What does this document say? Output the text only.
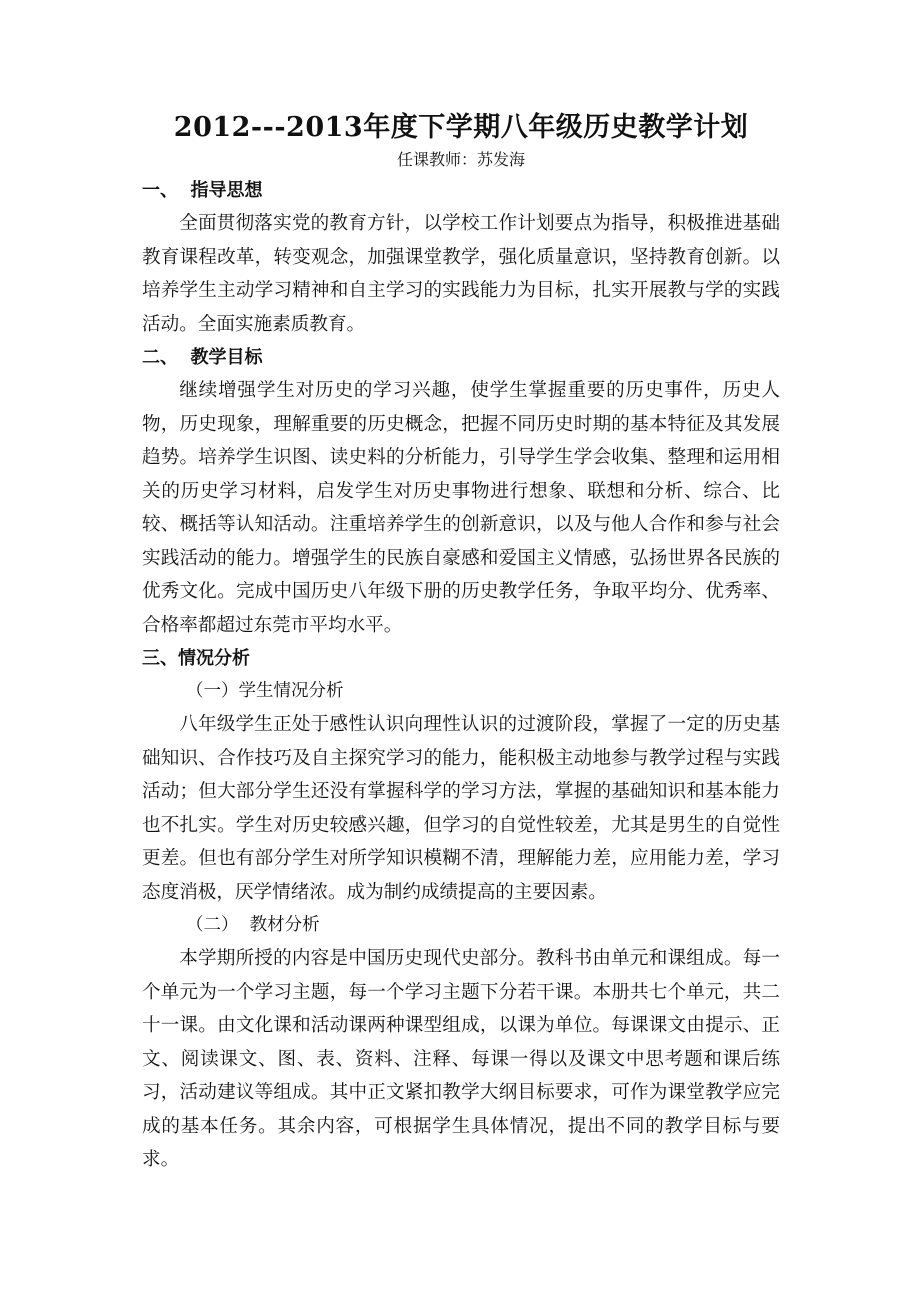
2012---2013年度下学期八年级历史教学计划
任课教师：苏发海
一、  指导思想

全面贯彻落实党的教育方针，以学校工作计划要点为指导，积极推进基础教育课程改革，转变观念，加强课堂教学，强化质量意识，坚持教育创新。以培养学生主动学习精神和自主学习的实践能力为目标，扎实开展教与学的实践活动。全面实施素质教育。

二、  教学目标

继续增强学生对历史的学习兴趣，使学生掌握重要的历史事件，历史人物，历史现象，理解重要的历史概念，把握不同历史时期的基本特征及其发展趋势。培养学生识图、读史料的分析能力，引导学生学会收集、整理和运用相关的历史学习材料，启发学生对历史事物进行想象、联想和分析、综合、比较、概括等认知活动。注重培养学生的创新意识，以及与他人合作和参与社会实践活动的能力。增强学生的民族自豪感和爱国主义情感，弘扬世界各民族的优秀文化。完成中国历史八年级下册的历史教学任务，争取平均分、优秀率、合格率都超过东莞市平均水平。

三、情况分析
（一）学生情况分析

八年级学生正处于感性认识向理性认识的过渡阶段，掌握了一定的历史基础知识、合作技巧及自主探究学习的能力，能积极主动地参与教学过程与实践活动；但大部分学生还没有掌握科学的学习方法，掌握的基础知识和基本能力也不扎实。学生对历史较感兴趣，但学习的自觉性较差，尤其是男生的自觉性更差。但也有部分学生对所学知识模糊不清，理解能力差，应用能力差，学习态度消极，厌学情绪浓。成为制约成绩提高的主要因素。

（二）  教材分析

本学期所授的内容是中国历史现代史部分。教科书由单元和课组成。每一个单元为一个学习主题，每一个学习主题下分若干课。本册共七个单元，共二十一课。由文化课和活动课两种课型组成，以课为单位。每课课文由提示、正文、阅读课文、图、表、资料、注释、每课一得以及课文中思考题和课后练习，活动建议等组成。其中正文紧扣教学大纲目标要求，可作为课堂教学应完成的基本任务。其余内容，可根据学生具体情况，提出不同的教学目标与要求。
